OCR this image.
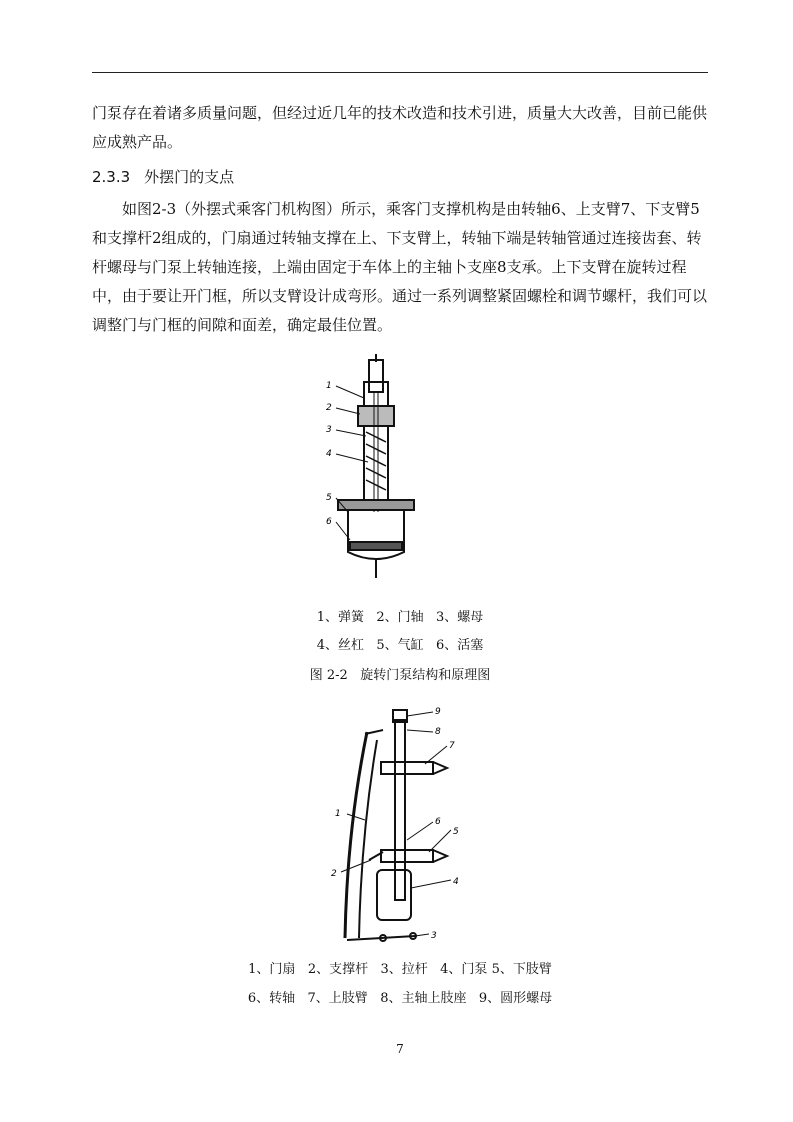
门泵存在着诸多质量问题，但经过近几年的技术改造和技术引进，质量大大改善，目前已能供应成熟产品。

2.3.3 外摆门的支点

如图2-3（外摆式乘客门机构图）所示，乘客门支撑机构是由转轴6、上支臂7、下支臂5和支撑杆2组成的，门扇通过转轴支撑在上、下支臂上，转轴下端是转轴管通过连接齿套、转杆螺母与门泵上转轴连接，上端由固定于车体上的主轴卜支座8支承。上下支臂在旋转过程中，由于要让开门框，所以支臂设计成弯形。通过一系列调整紧固螺栓和调节螺杆，我们可以调整门与门框的间隙和面差，确定最佳位置。

1
2
3
4
5
6
1、弹簧   2、门轴   3、螺母
4、丝杠   5、气缸   6、活塞
图 2-2   旋转门泵结构和原理图
1
2
3
4
5
6
7
8
9
1、门扇   2、支撑杆   3、拉杆   4、门泵 5、下肢臂
6、转轴   7、上肢臂   8、主轴上肢座   9、圆形螺母
7
